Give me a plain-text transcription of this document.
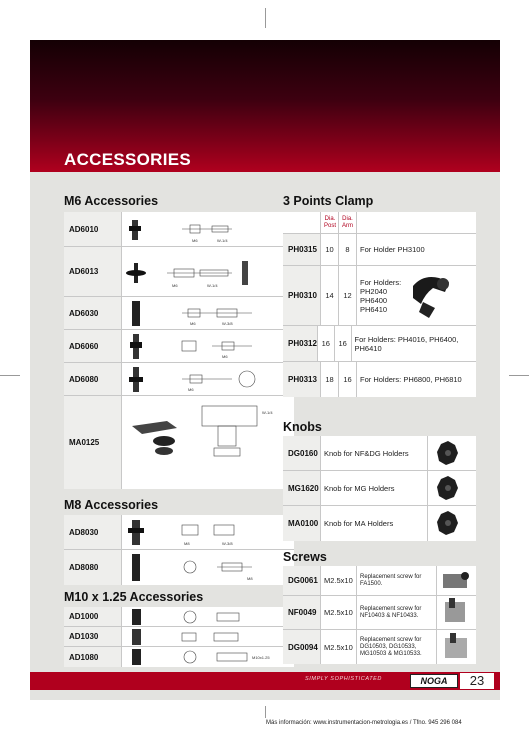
ACCESSORIES
M6 Accessories
AD6010
M6	W-1/4
AD6013
M6	W-1/4
AD6030
M6	W-3/8
AD6060
M6
AD6080
M6
MA0125
W-1/4
M8 Accessories
AD8030
M8	W-3/8
AD8080
M8
M10 x 1.25 Accessories
AD1000
AD1030
AD1080	M10x1.25
3 Points Clamp
Dia. Post
Dia. Arm
PH0315	10	8	For Holder PH3100
PH0310	14	12
For Holders: PH2040 PH6400 PH6410
PH0312 16	16	For Holders: PH4016, PH6400, PH6410
PH0313	18	16	For Holders: PH6800, PH6810
Knobs
DG0160 Knob for NF&DG Holders
MG1620 Knob for MG Holders
MA0100 Knob for MA Holders
Screws
DG0061 M2.5x10	Replacement screw for FA1500.
NF0049	M2.5x10	Replacement screw for NF10403 & NF10433.
DG0094 M2.5x10
Replacement screw for DG10503, DG10533, MG10503 & MG10533.
SIMPLY SOPHISTICATED	NOGA	23
Más información: www.instrumentacion-metrologia.es / Tfno. 945 296 084
